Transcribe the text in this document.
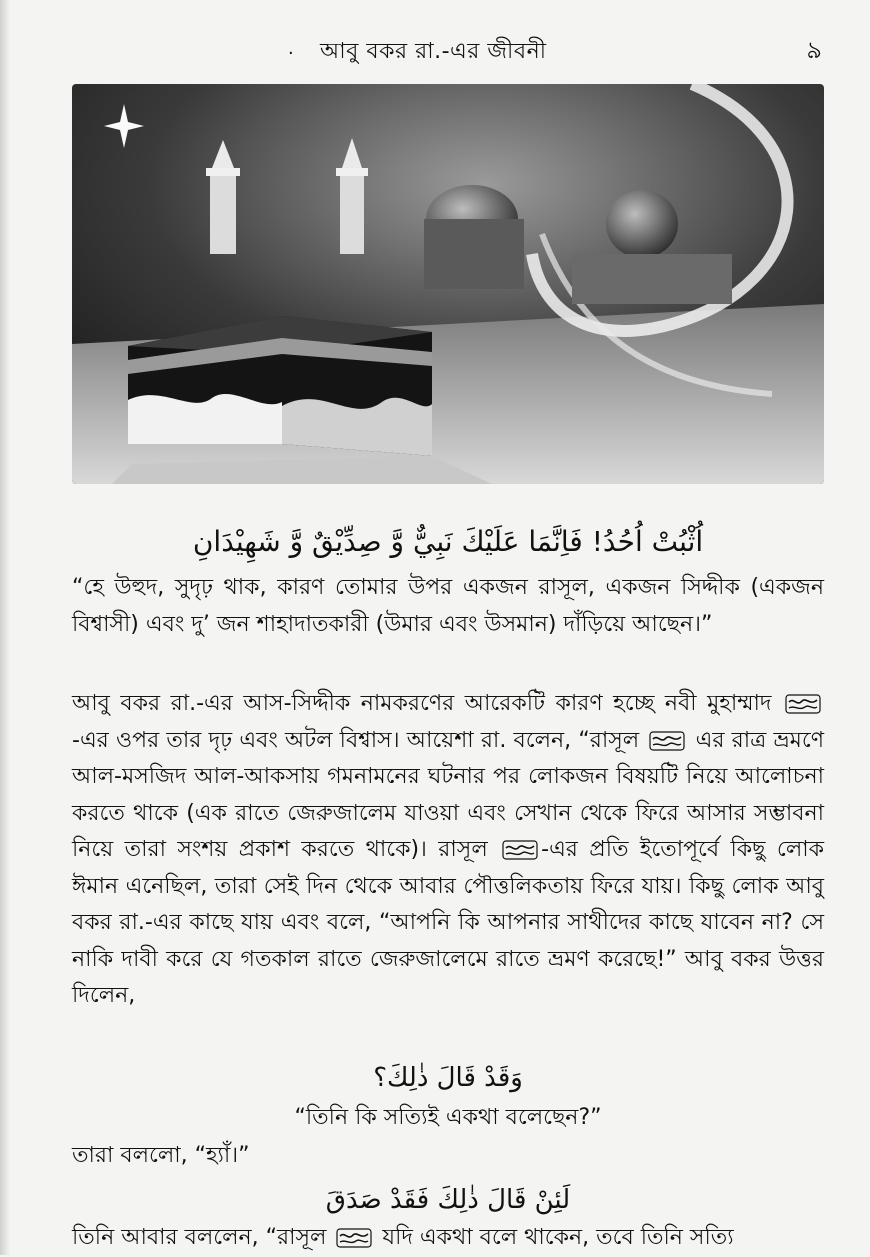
. আবু বকর রা.-এর জীবনী	৯
اُثْبُتْ اُحُدُ! فَاِنَّمَا عَلَيْكَ نَبِيٌّ وَّ صِدِّيْقٌ وَّ شَهِيْدَانِ
“হে উহুদ, সুদৃঢ় থাক, কারণ তোমার উপর একজন রাসূল, একজন সিদ্দীক (একজন বিশ্বাসী) এবং দু’ জন শাহাদাতকারী (উমার এবং উসমান) দাঁড়িয়ে আছেন।”
আবু বকর রা.-এর আস-সিদ্দীক নামকরণের আরেকটি কারণ হচ্ছে নবী মুহাম্মাদ
-এর ওপর তার দৃঢ় এবং অটল বিশ্বাস। আয়েশা রা. বলেন, “রাসূল	এর রাত্র ভ্রমণে আল-মসজিদ আল-আকসায় গমনামনের ঘটনার পর লোকজন বিষয়টি নিয়ে আলোচনা করতে থাকে (এক রাতে জেরুজালেম যাওয়া এবং সেখান থেকে ফিরে আসার সম্ভাবনা নিয়ে তারা সংশয় প্রকাশ করতে থাকে)। রাসূল -এর প্রতি ইতোপূর্বে কিছু লোক ঈমান এনেছিল, তারা সেই দিন থেকে আবার পৌত্তলিকতায় ফিরে যায়। কিছু লোক আবু বকর রা.-এর কাছে যায় এবং বলে, “আপনি কি আপনার সাথীদের কাছে যাবেন না? সে নাকি দাবী করে যে গতকাল রাতে জেরুজালেমে রাতে ভ্রমণ করেছে!” আবু বকর উত্তর দিলেন,
وَقَدْ قَالَ ذٰلِكَ؟
“তিনি কি সত্যিই একথা বলেছেন?”
তারা বললো, “হ্যাঁ।”
لَئِنْ قَالَ ذٰلِكَ فَقَدْ صَدَقَ
তিনি আবার বললেন, “রাসূল	যদি একথা বলে থাকেন, তবে তিনি সত্যি
